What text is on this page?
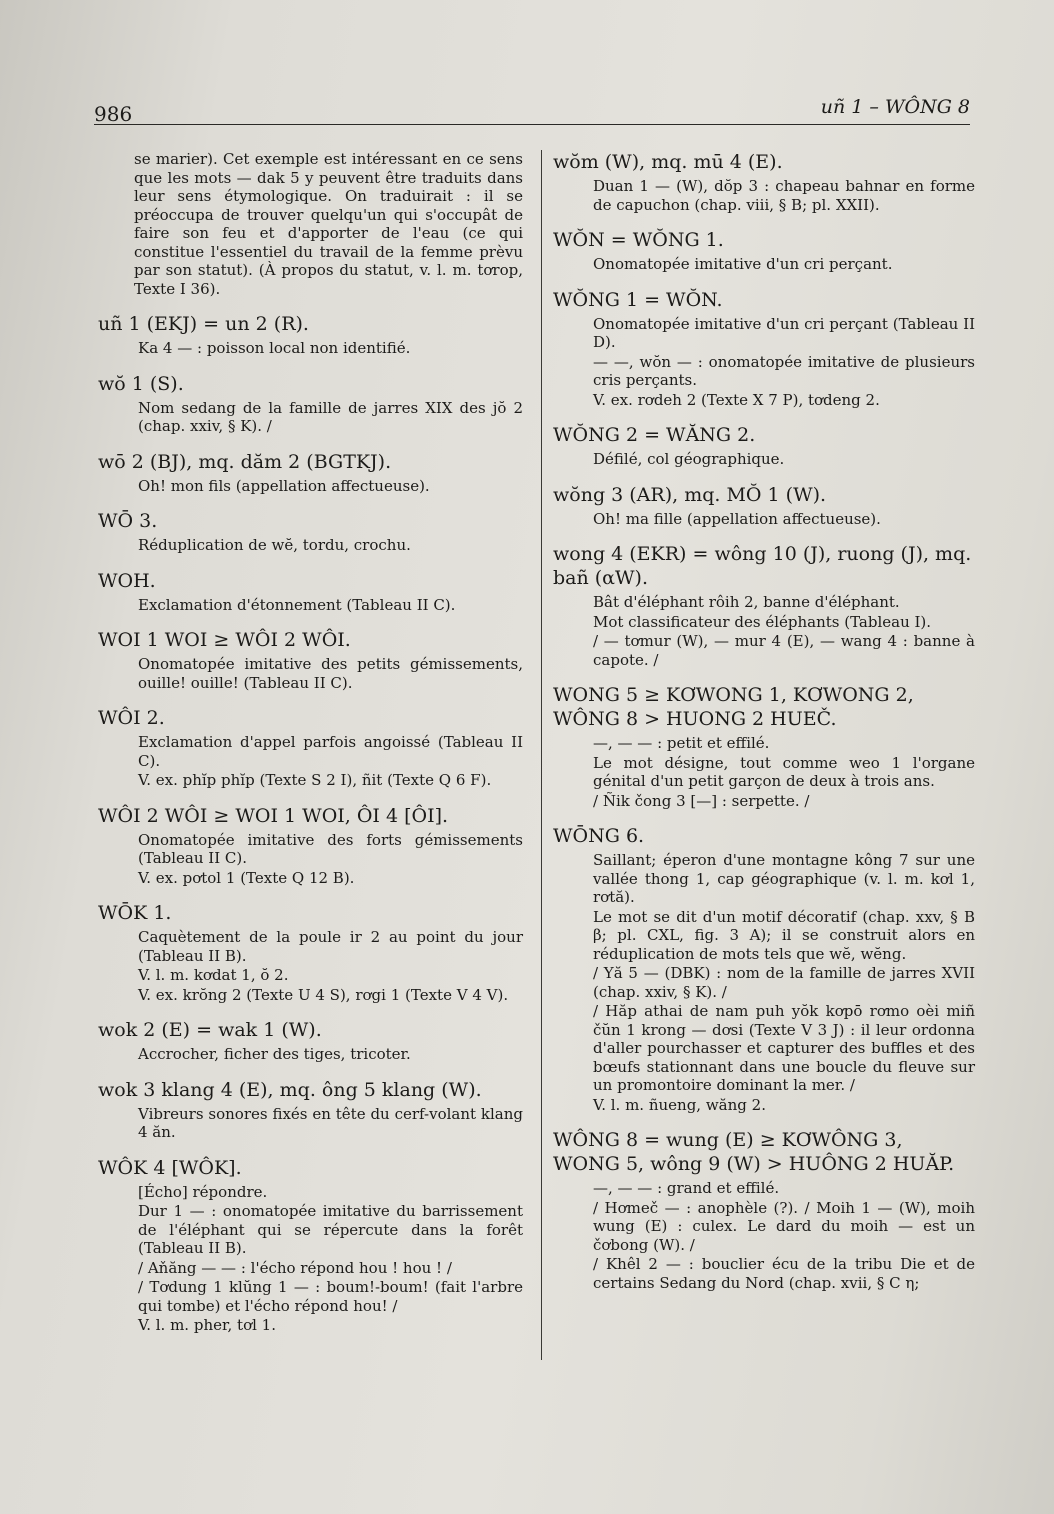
986	uñ 1 – WÔNG 8

se marier). Cet exemple est intéressant en ce sens que les mots — dak 5 y peuvent être traduits dans leur sens étymologique. On traduirait : il se préoccupa de trouver quelqu'un qui s'occupât de faire son feu et d'apporter de l'eau (ce qui constitue l'essentiel du travail de la femme prèvu par son statut). (À propos du statut, v. l. m. tơrop, Texte I 36).

uñ 1 (EKJ) = un 2 (R).

Ka 4 — : poisson local non identifié.

wŏ 1 (S).

Nom sedang de la famille de jarres XIX des jŏ 2 (chap. xxiv, § K). /

wō 2 (BJ), mq. dăm 2 (BGTKJ).

Oh! mon fils (appellation affectueuse).

WŌ 3.

Réduplication de wĕ, tordu, crochu.

WOH.

Exclamation d'étonnement (Tableau II C).

WOI 1 WOI ≥ WÔI 2 WÔI.

Onomatopée imitative des petits gémissements, ouille! ouille! (Tableau II C).

WÔI 2.

Exclamation d'appel parfois angoissé (Tableau II C).

V. ex. phĭp phĭp (Texte S 2 I), ñit (Texte Q 6 F).

WÔI 2 WÔI ≥ WOI 1 WOI, ÔI 4 [ÔI].

Onomatopée imitative des forts gémissements (Tableau II C).

V. ex. pơtol 1 (Texte Q 12 B).

WŌK 1.

Caquètement de la poule ir 2 au point du jour (Tableau II B).

V. l. m. kơdat 1, ŏ 2.

V. ex. krŏng 2 (Texte U 4 S), rơgi 1 (Texte V 4 V).

wok 2 (E) = wak 1 (W).

Accrocher, ficher des tiges, tricoter.

wok 3 klang 4 (E), mq. ông 5 klang (W).

Vibreurs sonores fixés en tête du cerf-volant klang 4 ăn.

WÔK 4 [WÔK].

[Écho] répondre.

Dur 1 — : onomatopée imitative du barrissement de l'éléphant qui se répercute dans la forêt (Tableau II B).

/ Aňăng — — : l'écho répond hou ! hou ! /

/ Tơdung 1 klŭng 1 — : boum!-boum! (fait l'arbre qui tombe) et l'écho répond hou! /

V. l. m. pher, tơl 1.

wŏm (W), mq. mū 4 (E).

Duan 1 — (W), dŏp 3 : chapeau bahnar en forme de capuchon (chap. viii, § B; pl. XXII).

WŎN = WŎNG 1.

Onomatopée imitative d'un cri perçant.

WŎNG 1 = WŎN.

Onomatopée imitative d'un cri perçant (Tableau II D).

— —, wŏn — : onomatopée imitative de plusieurs cris perçants.

V. ex. rơdeh 2 (Texte X 7 P), tơdeng 2.

WŎNG 2 = WĂNG 2.

Défilé, col géographique.

wŏng 3 (AR), mq. MŎ 1 (W).

Oh! ma fille (appellation affectueuse).

wong 4 (EKR) = wông 10 (J), ruong (J), mq. bañ (αW).

Bât d'éléphant rôih 2, banne d'éléphant.

Mot classificateur des éléphants (Tableau I).

/ — tơmur (W), — mur 4 (E), — wang 4 : banne à capote. /

WONG 5 ≥ KƠWONG 1, KƠWONG 2, WÔNG 8 > HUONG 2 HUEČ.

—, — — : petit et effilé.

Le mot désigne, tout comme weo 1 l'organe génital d'un petit garçon de deux à trois ans.

/ Ñik čong 3 [—] : serpette. /

WŌNG 6.

Saillant; éperon d'une montagne kông 7 sur une vallée thong 1, cap géographique (v. l. m. kơl 1, rơtă).

Le mot se dit d'un motif décoratif (chap. xxv, § B β; pl. CXL, fig. 3 A); il se construit alors en réduplication de mots tels que wĕ, wĕng.

/ Yă 5 — (DBK) : nom de la famille de jarres XVII (chap. xxiv, § K). /

/ Hăp athai de nam puh yŏk kơpō rơmo oèi miñ čŭn 1 krong — dơsi (Texte V 3 J) : il leur ordonna d'aller pourchasser et capturer des buffles et des bœufs stationnant dans une boucle du fleuve sur un promontoire dominant la mer. /

V. l. m. ñueng, wăng 2.

WÔNG 8 = wung (E) ≥ KƠWÔNG 3, WONG 5, wông 9 (W) > HUÔNG 2 HUĂP.

—, — — : grand et effilé.

/ Hơmeč — : anophèle (?). / Moih 1 — (W), moih wung (E) : culex. Le dard du moih — est un čơbong (W). /

/ Khêl 2 — : bouclier écu de la tribu Die et de certains Sedang du Nord (chap. xvii, § C η;
